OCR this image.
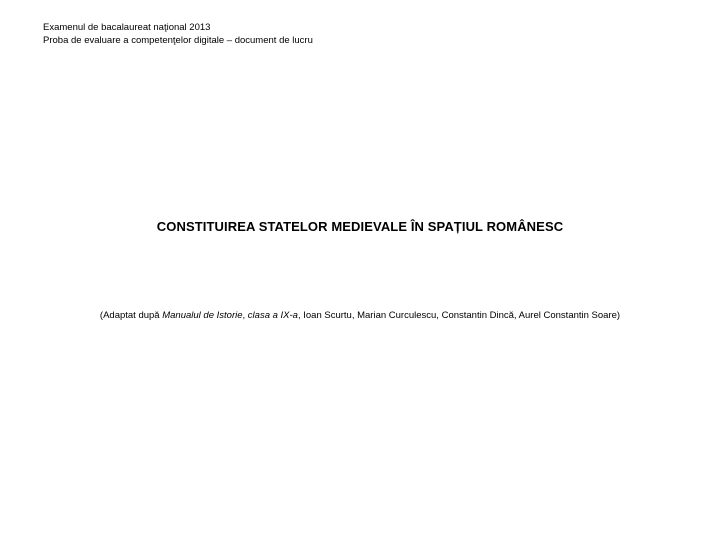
Examenul de bacalaureat naţional 2013
Proba de evaluare a competenţelor digitale – document de lucru
CONSTITUIREA STATELOR MEDIEVALE ÎN SPAȚIUL ROMÂNESC
(Adaptat după Manualul de Istorie, clasa a IX-a, Ioan Scurtu, Marian Curculescu, Constantin Dincă, Aurel Constantin Soare)
